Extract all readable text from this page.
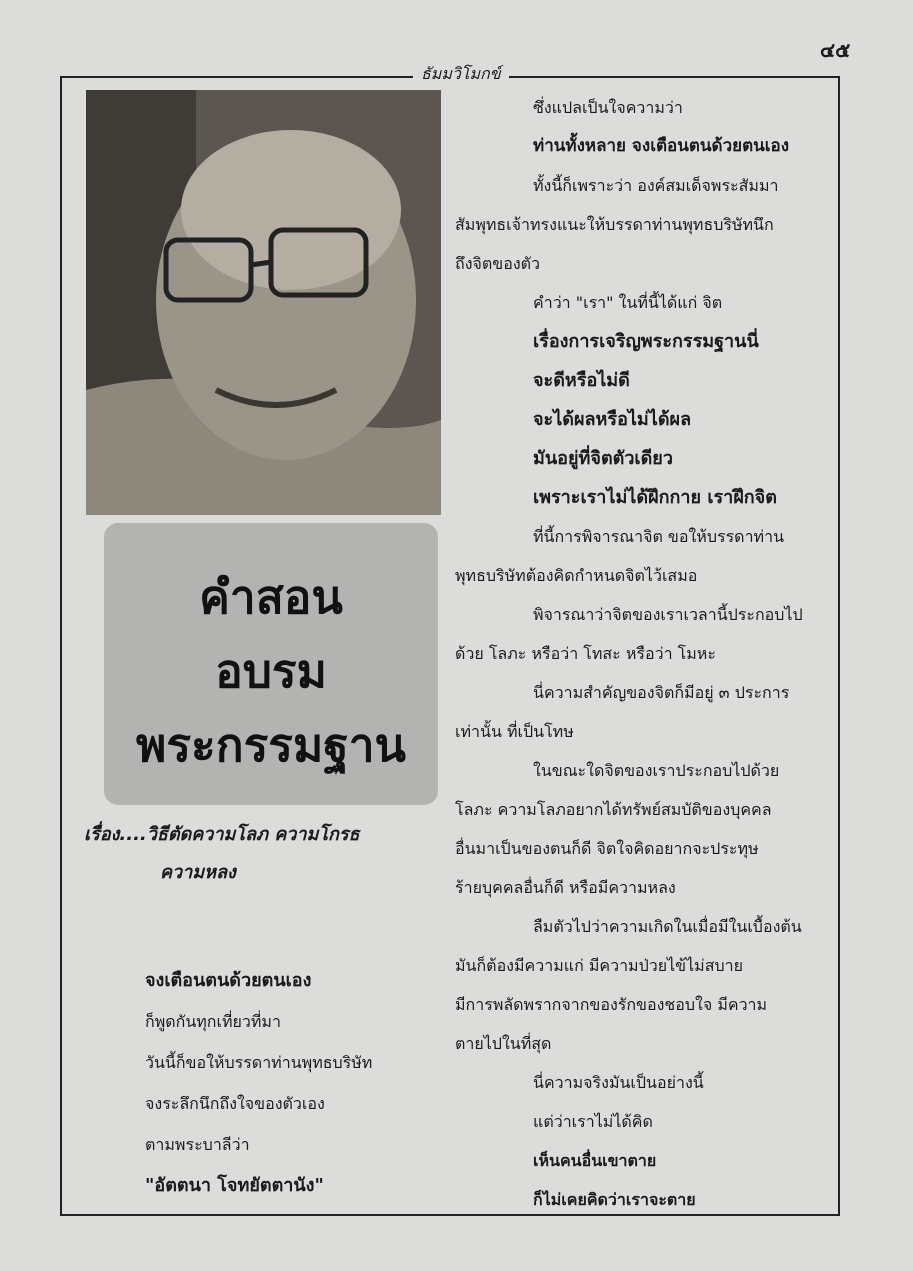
๔๕
ธัมมวิโมกข์
คำสอน
อบรม
พระกรรมฐาน
เรื่อง....วิธีตัดความโลภ ความโกรธ
ความหลง
จงเตือนตนด้วยตนเอง
ก็พูดกันทุกเที่ยวที่มา
วันนี้ก็ขอให้บรรดาท่านพุทธบริษัท
จงระลึกนึกถึงใจของตัวเอง
ตามพระบาลีว่า
"อัตตนา โจทยัตตานัง"
ซึ่งแปลเป็นใจความว่า
ท่านทั้งหลาย จงเตือนตนด้วยตนเอง
ทั้งนี้ก็เพราะว่า องค์สมเด็จพระสัมมา
สัมพุทธเจ้าทรงแนะให้บรรดาท่านพุทธบริษัทนึก
ถึงจิตของตัว
คำว่า "เรา" ในที่นี้ได้แก่ จิต
เรื่องการเจริญพระกรรมฐานนี่
จะดีหรือไม่ดี
จะได้ผลหรือไม่ได้ผล
มันอยู่ที่จิตตัวเดียว
เพราะเราไม่ได้ฝึกกาย เราฝึกจิต
ที่นี้การพิจารณาจิต ขอให้บรรดาท่าน
พุทธบริษัทต้องคิดกำหนดจิตไว้เสมอ
พิจารณาว่าจิตของเราเวลานี้ประกอบไป
ด้วย โลภะ หรือว่า โทสะ หรือว่า โมหะ
นี่ความสำคัญของจิตก็มีอยู่ ๓ ประการ
เท่านั้น ที่เป็นโทษ
ในขณะใดจิตของเราประกอบไปด้วย
โลภะ ความโลภอยากได้ทรัพย์สมบัติของบุคคล
อื่นมาเป็นของตนก็ดี จิตใจคิดอยากจะประทุษ
ร้ายบุคคลอื่นก็ดี หรือมีความหลง
ลืมตัวไปว่าความเกิดในเมื่อมีในเบื้องต้น
มันก็ต้องมีความแก่ มีความป่วยไข้ไม่สบาย
มีการพลัดพรากจากของรักของชอบใจ มีความ
ตายไปในที่สุด
นี่ความจริงมันเป็นอย่างนี้
แต่ว่าเราไม่ได้คิด
เห็นคนอื่นเขาตาย
ก็ไม่เคยคิดว่าเราจะตาย
